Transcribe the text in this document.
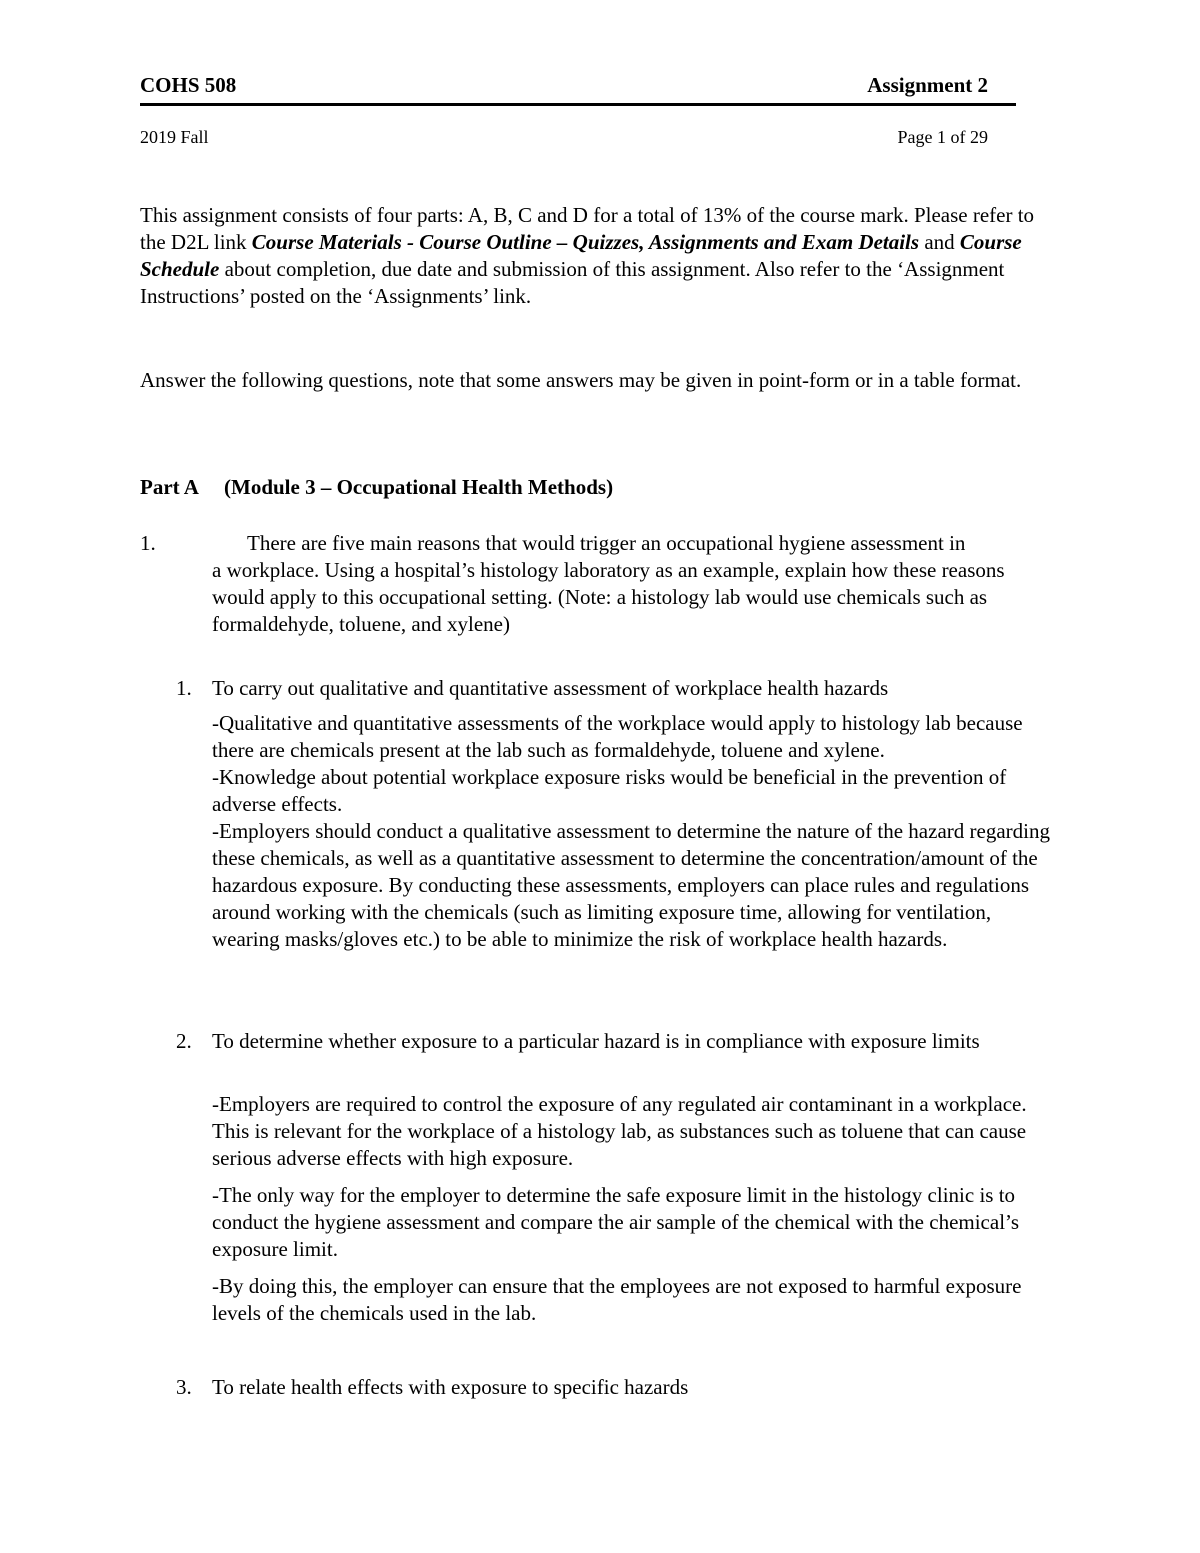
COHS 508	Assignment 2
2019 Fall	Page 1 of 29

This assignment consists of four parts: A, B, C and D for a total of 13% of the course mark. Please refer to the D2L link Course Materials - Course Outline – Quizzes, Assignments and Exam Details and Course Schedule about completion, due date and submission of this assignment. Also refer to the ‘Assignment Instructions’ posted on the ‘Assignments’ link.

Answer the following questions, note that some answers may be given in point-form or in a table format.

Part A (Module 3 – Occupational Health Methods)
1.	There are five main reasons that would trigger an occupational hygiene assessment in

a workplace. Using a hospital’s histology laboratory as an example, explain how these reasons would apply to this occupational setting. (Note: a histology lab would use chemicals such as formaldehyde, toluene, and xylene)

1. To carry out qualitative and quantitative assessment of workplace health hazards

-Qualitative and quantitative assessments of the workplace would apply to histology lab because there are chemicals present at the lab such as formaldehyde, toluene and xylene.
-Knowledge about potential workplace exposure risks would be beneficial in the prevention of adverse effects.
-Employers should conduct a qualitative assessment to determine the nature of the hazard regarding these chemicals, as well as a quantitative assessment to determine the concentration/amount of the hazardous exposure. By conducting these assessments, employers can place rules and regulations around working with the chemicals (such as limiting exposure time, allowing for ventilation, wearing masks/gloves etc.) to be able to minimize the risk of workplace health hazards.

2. To determine whether exposure to a particular hazard is in compliance with exposure limits

-Employers are required to control the exposure of any regulated air contaminant in a workplace. This is relevant for the workplace of a histology lab, as substances such as toluene that can cause serious adverse effects with high exposure.

-The only way for the employer to determine the safe exposure limit in the histology clinic is to conduct the hygiene assessment and compare the air sample of the chemical with the chemical’s exposure limit.

-By doing this, the employer can ensure that the employees are not exposed to harmful exposure levels of the chemicals used in the lab.

3. To relate health effects with exposure to specific hazards
